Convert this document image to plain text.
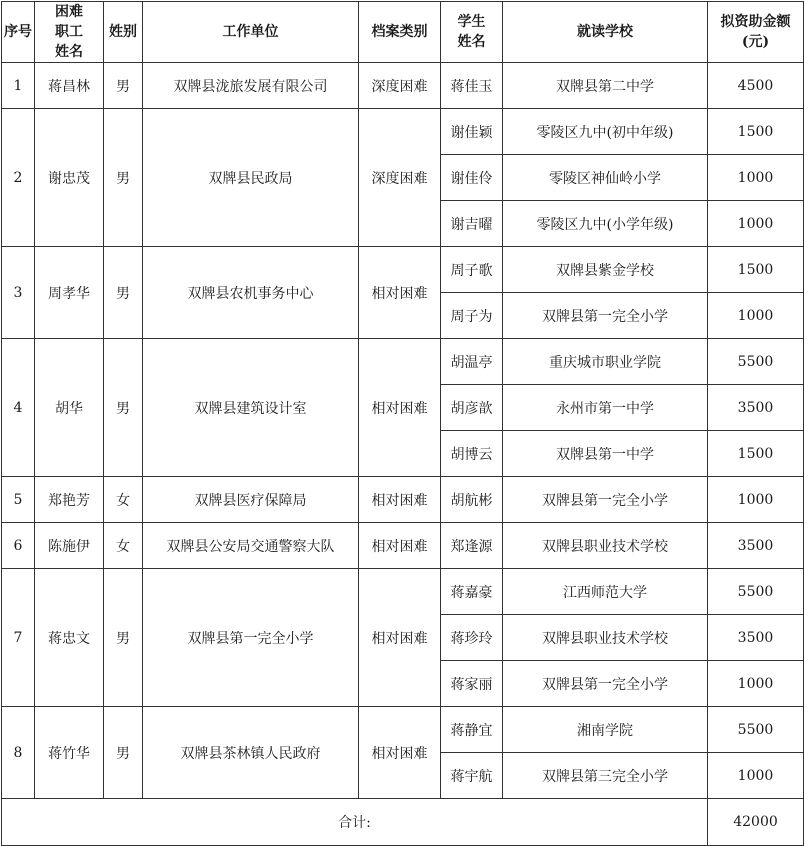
序号	困难职工姓名	姓别	工作单位	档案类别	学生姓名	就读学校	拟资助金额
(元)

1	蒋昌林	男	双牌县泷旅发展有限公司	深度困难	蒋佳玉	双牌县第二中学	4500
2	谢忠茂	男	双牌县民政局	深度困难	谢佳颖	零陵区九中(初中年级)	1500
					谢佳伶	零陵区神仙岭小学	1000
					谢吉曜	零陵区九中(小学年级)	1000
3	周孝华	男	双牌县农机事务中心	相对困难	周子歌	双牌县紫金学校	1500
					周子为	双牌县第一完全小学	1000
4	胡华	男	双牌县建筑设计室	相对困难	胡温亭	重庆城市职业学院	5500
					胡彦歆	永州市第一中学	3500
					胡博云	双牌县第一中学	1500
5	郑艳芳	女	双牌县医疗保障局	相对困难	胡航彬	双牌县第一完全小学	1000
6	陈施伊	女	双牌县公安局交通警察大队	相对困难	郑逢源	双牌县职业技术学校	3500
7	蒋忠文	男	双牌县第一完全小学	相对困难	蒋嘉豪	江西师范大学	5500
					蒋珍玲	双牌县职业技术学校	3500
					蒋家丽	双牌县第一完全小学	1000
8	蒋竹华	男	双牌县茶林镇人民政府	相对困难	蒋静宜	湘南学院	5500
					蒋宇航	双牌县第三完全小学	1000
合计:							42000
